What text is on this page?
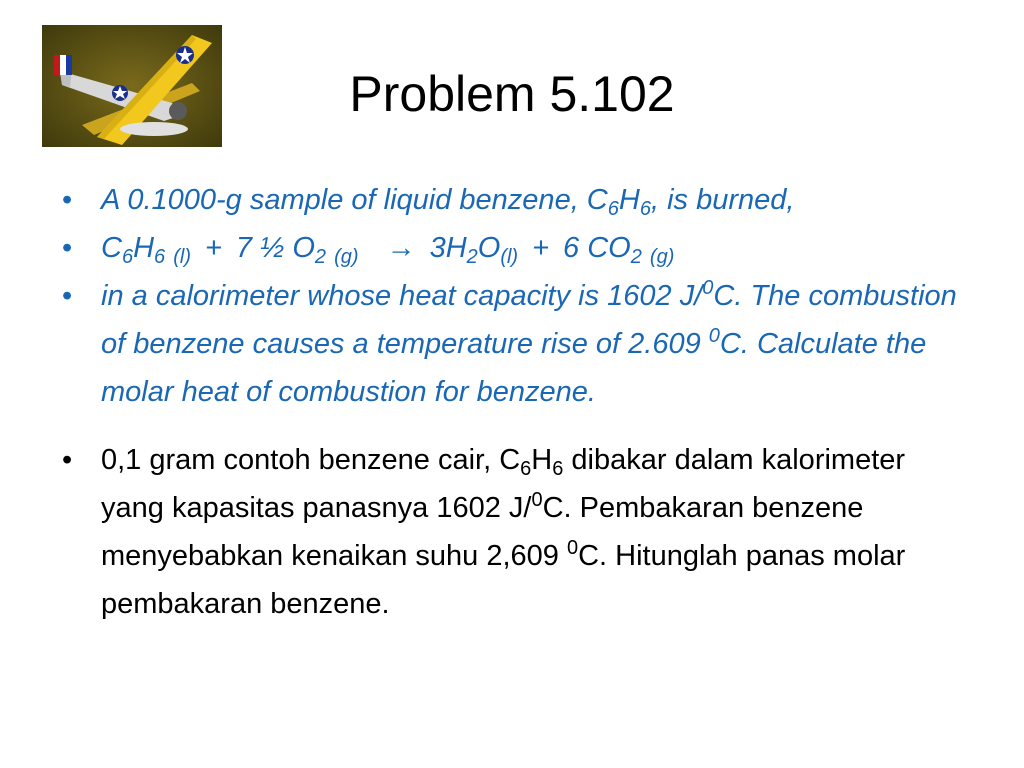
Problem 5.102
• A 0.1000-g sample of liquid benzene, $C_6H_6$, is burned,
• $C_6H_6$ $_{(l)}$ + 7 ½ $O_2$ $_{(g)} \to 3H_2O_{(l)} + 6$ $CO_2$ $_{(g)}$
• in a calorimeter whose heat capacity is 1602 J/$^0$C. The combustion of benzene causes a temperature rise of 2.609 $^0$C. Calculate the molar heat of combustion for benzene.
• 0,1 gram contoh benzene cair, $C_6H_6$ dibakar dalam kalorimeter yang kapasitas panasnya 1602 J/$^0$C. Pembakaran benzene menyebabkan kenaikan suhu 2,609 $^0$C. Hitunglah panas molar pembakaran benzene.
